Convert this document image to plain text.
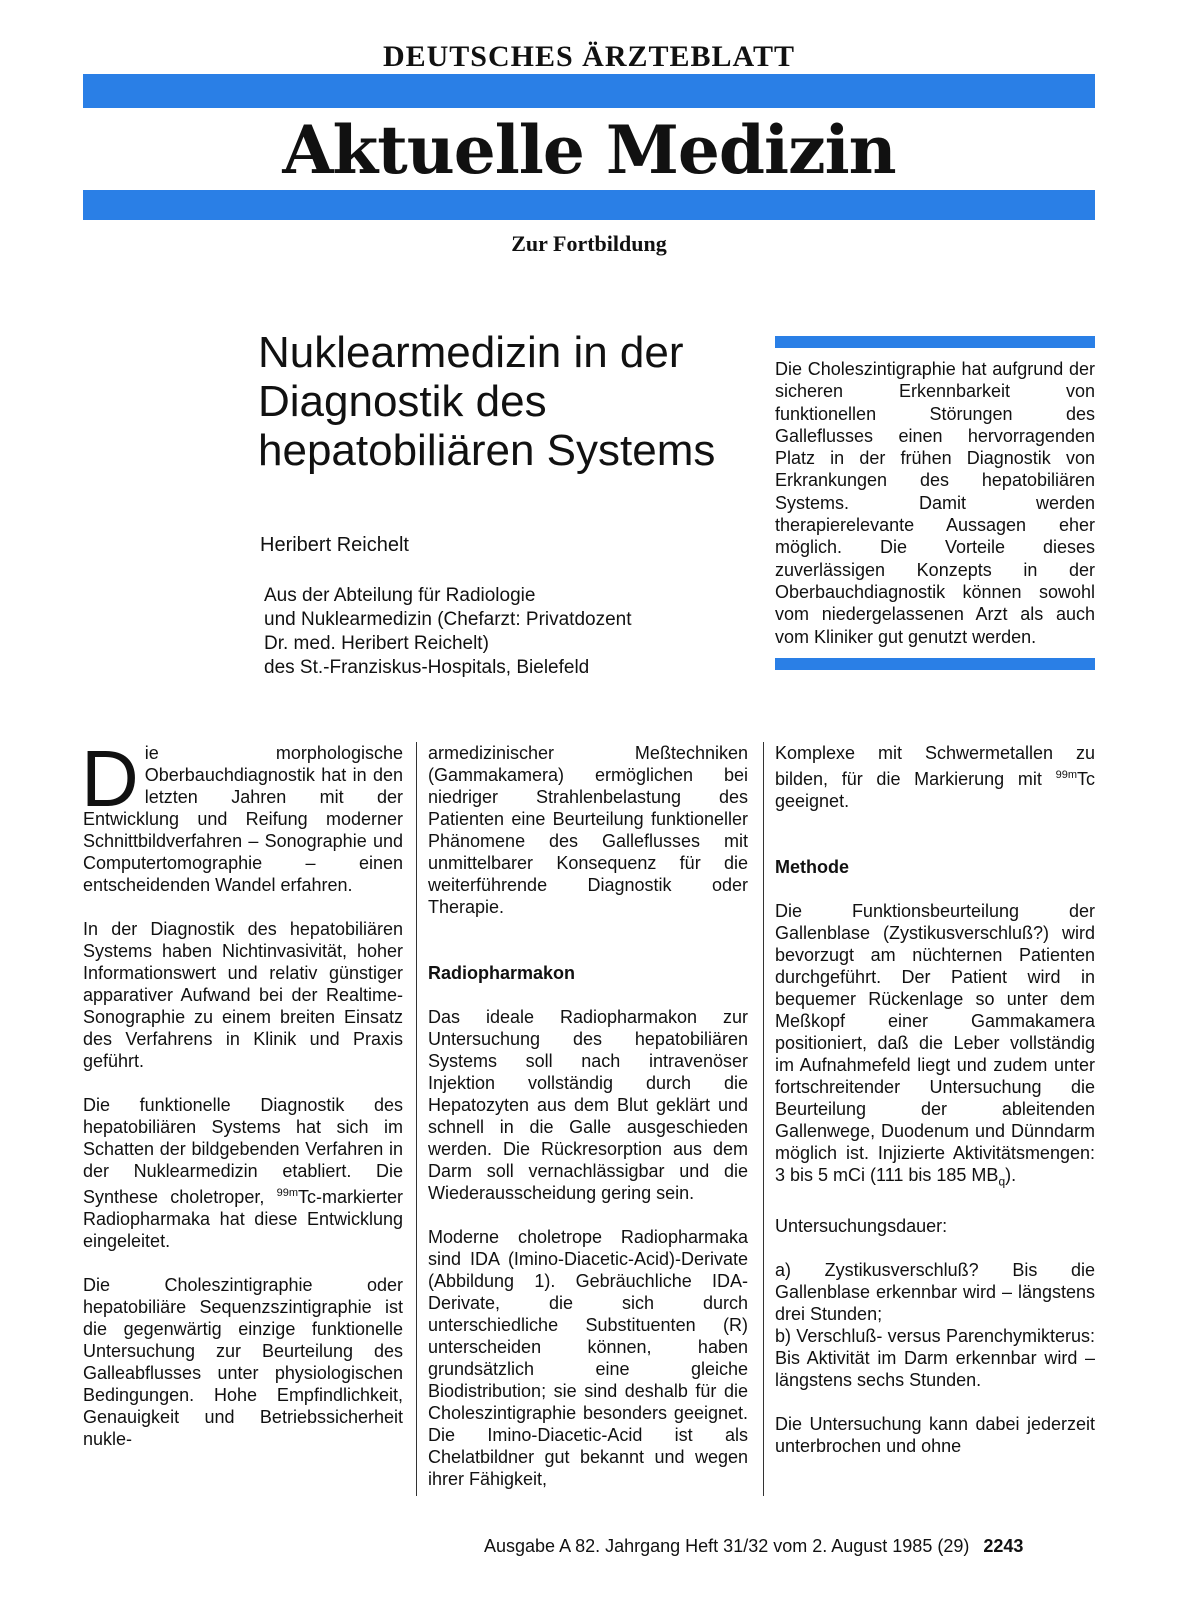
DEUTSCHES ÄRZTEBLATT
Aktuelle Medizin
Zur Fortbildung
Nuklearmedizin in der
Diagnostik des
hepatobiliären Systems
Heribert Reichelt
Aus der Abteilung für Radiologie
und Nuklearmedizin (Chefarzt: Privatdozent
Dr. med. Heribert Reichelt)
des St.-Franziskus-Hospitals, Bielefeld
Die Choleszintigraphie hat aufgrund der sicheren Erkennbarkeit von funktionellen Störungen des Galleflusses einen hervorragenden Platz in der frühen Diagnostik von Erkrankungen des hepatobiliären Systems. Damit werden therapierelevante Aussagen eher möglich. Die Vorteile dieses zuverlässigen Konzepts in der Oberbauchdiagnostik können sowohl vom niedergelassenen Arzt als auch vom Kliniker gut genutzt werden.

Die morphologische Oberbauchdiagnostik hat in den letzten Jahren mit der Entwicklung und Reifung moderner Schnittbildverfahren – Sonographie und Computertomographie – einen entscheidenden Wandel erfahren.

In der Diagnostik des hepatobiliären Systems haben Nichtinvasivität, hoher Informationswert und relativ günstiger apparativer Aufwand bei der Realtime-Sonographie zu einem breiten Einsatz des Verfahrens in Klinik und Praxis geführt.

Die funktionelle Diagnostik des hepatobiliären Systems hat sich im Schatten der bildgebenden Verfahren in der Nuklearmedizin etabliert. Die Synthese choletroper, $^{99m}$Tc-markierter Radiopharmaka hat diese Entwicklung eingeleitet.

Die Choleszintigraphie oder hepatobiliäre Sequenzszintigraphie ist die gegenwärtig einzige funktionelle Untersuchung zur Beurteilung des Galleabflusses unter physiologischen Bedingungen. Hohe Empfindlichkeit, Genauigkeit und Betriebssicherheit nukle-

armedizinischer Meßtechniken (Gammakamera) ermöglichen bei niedriger Strahlenbelastung des Patienten eine Beurteilung funktioneller Phänomene des Galleflusses mit unmittelbarer Konsequenz für die weiterführende Diagnostik oder Therapie.

Radiopharmakon

Das ideale Radiopharmakon zur Untersuchung des hepatobiliären Systems soll nach intravenöser Injektion vollständig durch die Hepatozyten aus dem Blut geklärt und schnell in die Galle ausgeschieden werden. Die Rückresorption aus dem Darm soll vernachlässigbar und die Wiederausscheidung gering sein.

Moderne choletrope Radiopharmaka sind IDA (Imino-Diacetic-Acid)-Derivate (Abbildung 1). Gebräuchliche IDA-Derivate, die sich durch unterschiedliche Substituenten (R) unterscheiden können, haben grundsätzlich eine gleiche Biodistribution; sie sind deshalb für die Choleszintigraphie besonders geeignet. Die Imino-Diacetic-Acid ist als Chelatbildner gut bekannt und wegen ihrer Fähigkeit,

Komplexe mit Schwermetallen zu bilden, für die Markierung mit $^{99m}$Tc geeignet.

Methode

Die Funktionsbeurteilung der Gallenblase (Zystikusverschluß?) wird bevorzugt am nüchternen Patienten durchgeführt. Der Patient wird in bequemer Rückenlage so unter dem Meßkopf einer Gammakamera positioniert, daß die Leber vollständig im Aufnahmefeld liegt und zudem unter fortschreitender Untersuchung die Beurteilung der ableitenden Gallenwege, Duodenum und Dünndarm möglich ist. Injizierte Aktivitätsmengen: 3 bis 5 mCi (111 bis 185 $MB_q$).

Untersuchungsdauer:

a) Zystikusverschluß? Bis die Gallenblase erkennbar wird – längstens drei Stunden;
b) Verschluß- versus Parenchymikterus: Bis Aktivität im Darm erkennbar wird – längstens sechs Stunden.

Die Untersuchung kann dabei jederzeit unterbrochen und ohne

Ausgabe A 82. Jahrgang Heft 31/32 vom 2. August 1985 (29) 2243
